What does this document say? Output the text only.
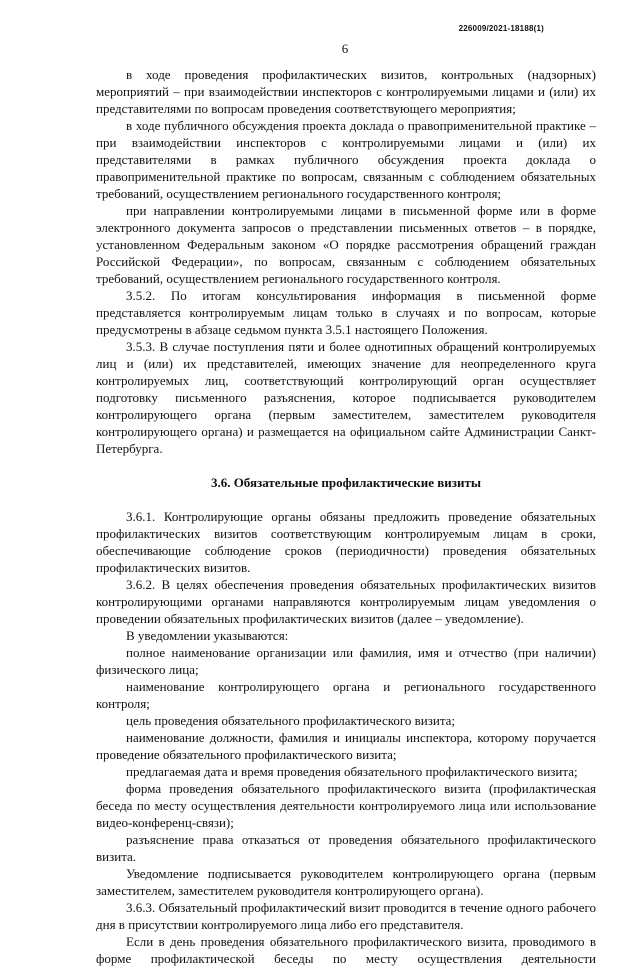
226009/2021-18188(1)
6

в ходе проведения профилактических визитов, контрольных (надзорных) мероприятий – при взаимодействии инспекторов с контролируемыми лицами и (или) их представителями по вопросам проведения соответствующего мероприятия;

в ходе публичного обсуждения проекта доклада о правоприменительной практике – при взаимодействии инспекторов с контролируемыми лицами и (или) их представителями в рамках публичного обсуждения проекта доклада о правоприменительной практике по вопросам, связанным с соблюдением обязательных требований, осуществлением регионального государственного контроля;

при направлении контролируемыми лицами в письменной форме или в форме электронного документа запросов о представлении письменных ответов – в порядке, установленном Федеральным законом «О порядке рассмотрения обращений граждан Российской Федерации», по вопросам, связанным с соблюдением обязательных требований, осуществлением регионального государственного контроля.

3.5.2. По итогам консультирования информация в письменной форме представляется контролируемым лицам только в случаях и по вопросам, которые предусмотрены в абзаце седьмом пункта 3.5.1 настоящего Положения.

3.5.3. В случае поступления пяти и более однотипных обращений контролируемых лиц и (или) их представителей, имеющих значение для неопределенного круга контролируемых лиц, соответствующий контролирующий орган осуществляет подготовку письменного разъяснения, которое подписывается руководителем контролирующего органа (первым заместителем, заместителем руководителя контролирующего органа) и размещается на официальном сайте Администрации Санкт-Петербурга.

3.6. Обязательные профилактические визиты

3.6.1. Контролирующие органы обязаны предложить проведение обязательных профилактических визитов соответствующим контролируемым лицам в сроки, обеспечивающие соблюдение сроков (периодичности) проведения обязательных профилактических визитов.

3.6.2. В целях обеспечения проведения обязательных профилактических визитов контролирующими органами направляются контролируемым лицам уведомления о проведении обязательных профилактических визитов (далее – уведомление).

В уведомлении указываются:

полное наименование организации или фамилия, имя и отчество (при наличии) физического лица;

наименование контролирующего органа и регионального государственного контроля;

цель проведения обязательного профилактического визита;

наименование должности, фамилия и инициалы инспектора, которому поручается проведение обязательного профилактического визита;

предлагаемая дата и время проведения обязательного профилактического визита;

форма проведения обязательного профилактического визита (профилактическая беседа по месту осуществления деятельности контролируемого лица или использование видео-конференц-связи);

разъяснение права отказаться от проведения обязательного профилактического визита.

Уведомление подписывается руководителем контролирующего органа (первым заместителем, заместителем руководителя контролирующего органа).

3.6.3. Обязательный профилактический визит проводится в течение одного рабочего дня в присутствии контролируемого лица либо его представителя.

Если в день проведения обязательного профилактического визита, проводимого в форме профилактической беседы по месту осуществления деятельности
